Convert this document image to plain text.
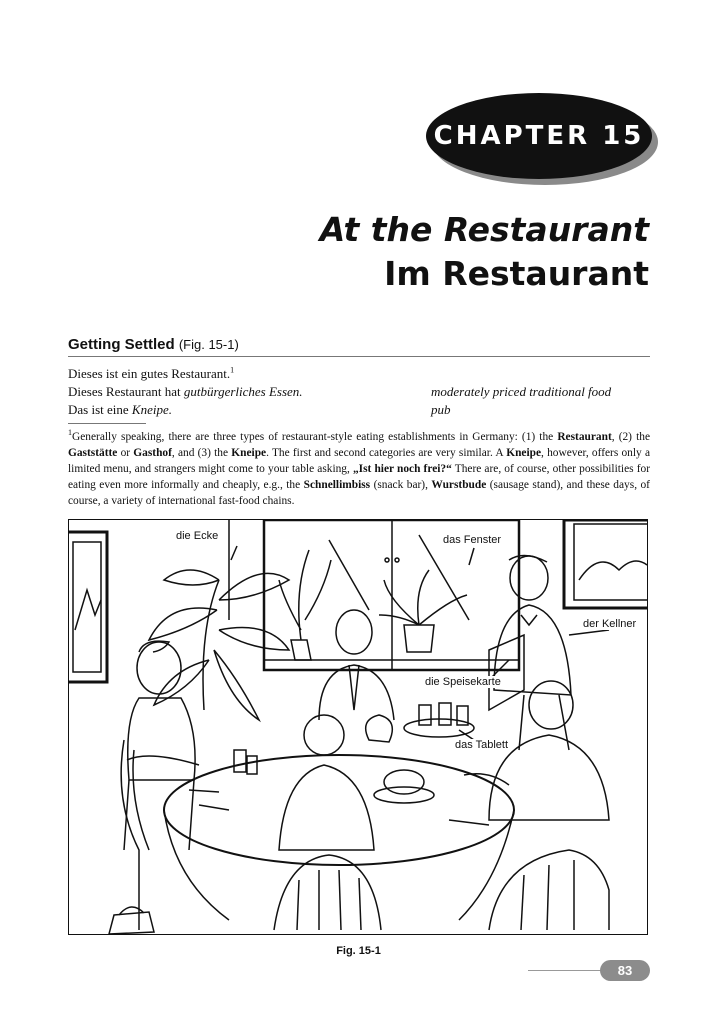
CHAPTER 15
At the Restaurant
Im Restaurant
Getting Settled (Fig. 15-1)
Dieses ist ein gutes Restaurant.$^1$
Dieses Restaurant hat gutbürgerliches Essen.	moderately priced traditional food
Das ist eine Kneipe.	pub
$^1$Generally speaking, there are three types of restaurant-style eating establishments in Germany: (1) the Restaurant, (2) the Gaststätte or Gasthof, and (3) the Kneipe. The first and second categories are very similar. A Kneipe, however, offers only a limited menu, and strangers might come to your table asking, „Ist hier noch frei?“ There are, of course, other possibilities for eating even more informally and cheaply, e.g., the Schnellimbiss (snack bar), Wurstbude (sausage stand), and these days, of course, a variety of international fast-food chains.
die Ecke	das Fenster
der Kellner
die Speisekarte
das Tablett
Fig. 15-1
83
